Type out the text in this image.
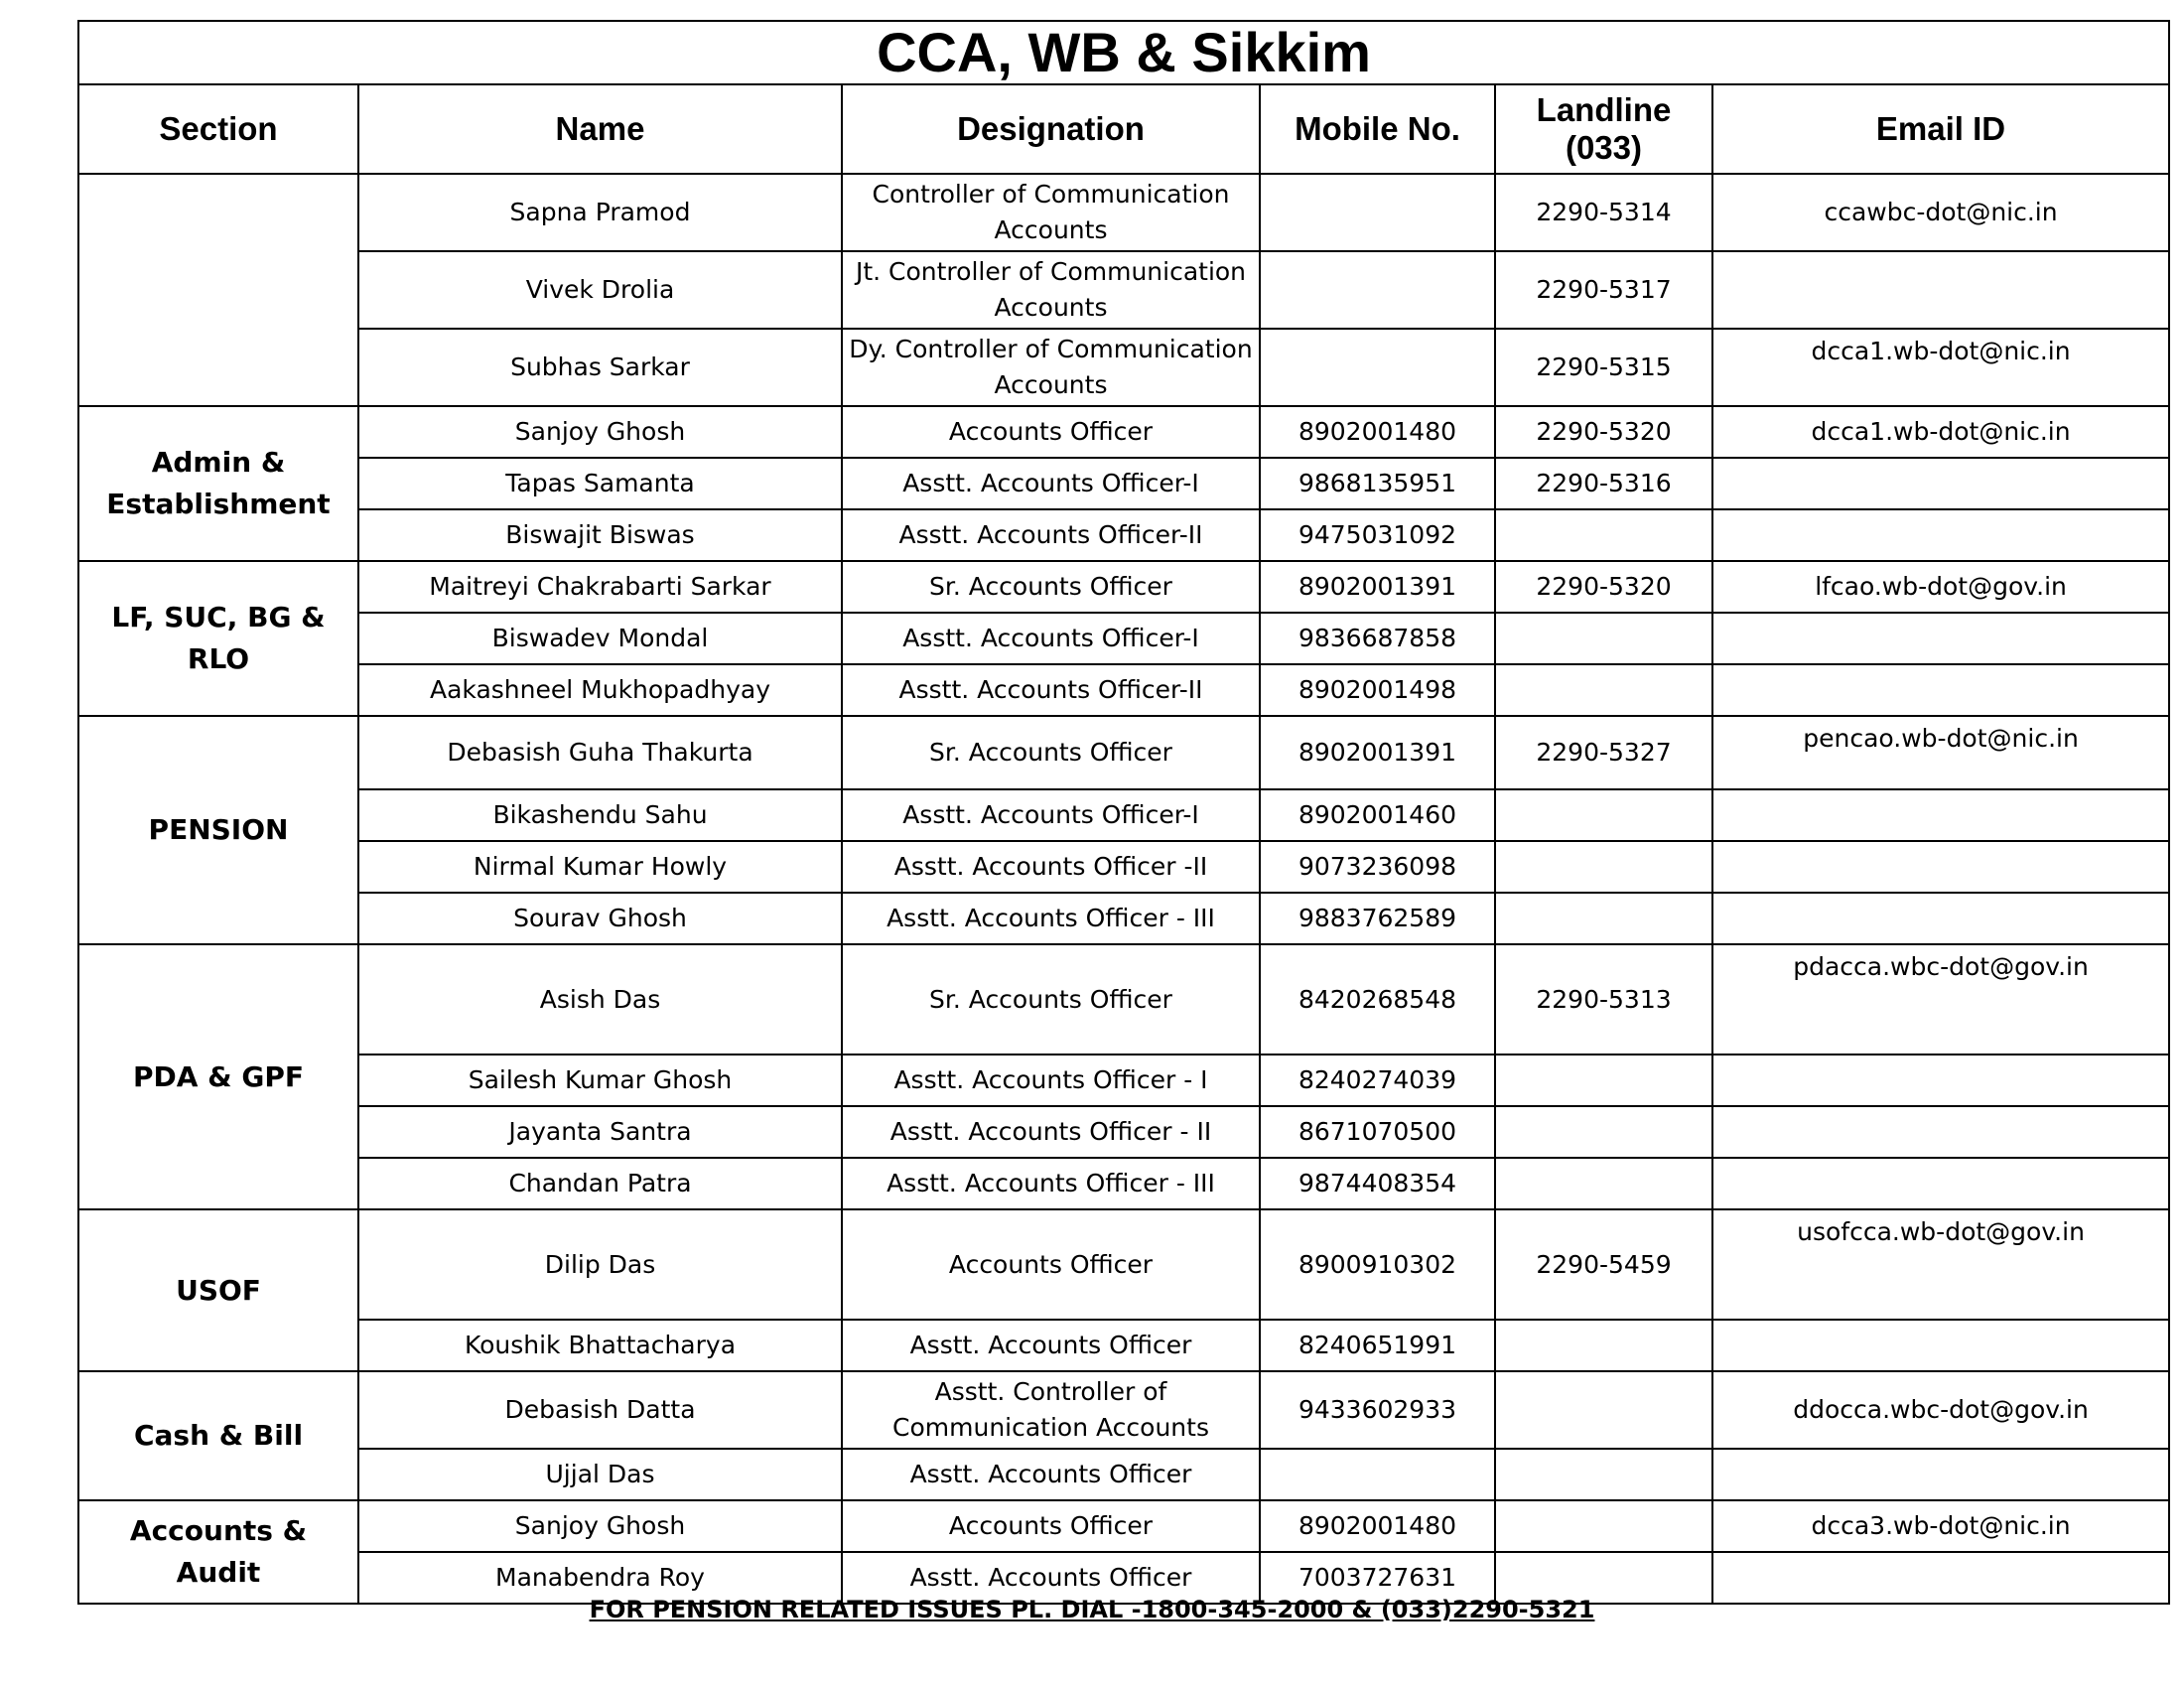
CCA, WB & Sikkim					
Section	Name	Designation	Mobile No.	Landline (033)	Email ID
	Sapna Pramod	Controller of Communication Accounts		2290-5314	ccawbc-dot@nic.in
	Vivek Drolia	Jt. Controller of Communication Accounts		2290-5317	
	Subhas Sarkar	Dy. Controller of Communication Accounts		2290-5315	dcca1.wb-dot@nic.in
Admin & Establishment	Sanjoy Ghosh	Accounts Officer	8902001480	2290-5320	dcca1.wb-dot@nic.in
	Tapas Samanta	Asstt. Accounts Officer-I	9868135951	2290-5316	
	Biswajit Biswas	Asstt. Accounts Officer-II	9475031092		
LF, SUC, BG & RLO	Maitreyi Chakrabarti Sarkar	Sr. Accounts Officer	8902001391	2290-5320	lfcao.wb-dot@gov.in
	Biswadev Mondal	Asstt. Accounts Officer-I	9836687858		
	Aakashneel Mukhopadhyay	Asstt. Accounts Officer-II	8902001498		
PENSION	Debasish Guha Thakurta	Sr. Accounts Officer	8902001391	2290-5327	pencao.wb-dot@nic.in
	Bikashendu Sahu	Asstt. Accounts Officer-I	8902001460		
	Nirmal Kumar Howly	Asstt. Accounts Officer -II	9073236098		
	Sourav Ghosh	Asstt. Accounts Officer - III	9883762589		
PDA & GPF	Asish Das	Sr. Accounts Officer	8420268548	2290-5313	pdacca.wbc-dot@gov.in
	Sailesh Kumar Ghosh	Asstt. Accounts Officer - I	8240274039		
	Jayanta Santra	Asstt. Accounts Officer - II	8671070500		
	Chandan Patra	Asstt. Accounts Officer - III	9874408354		
USOF	Dilip Das	Accounts Officer	8900910302	2290-5459	usofcca.wb-dot@gov.in
	Koushik Bhattacharya	Asstt. Accounts Officer	8240651991		
Cash & Bill	Debasish Datta	Asstt. Controller of Communication Accounts	9433602933		ddocca.wbc-dot@gov.in
	Ujjal Das	Asstt. Accounts Officer			
Accounts & Audit	Sanjoy Ghosh	Accounts Officer	8902001480		dcca3.wb-dot@nic.in
	Manabendra Roy	Asstt. Accounts Officer	7003727631		
FOR PENSION RELATED ISSUES PL. DIAL -1800-345-2000 & (033)2290-5321
